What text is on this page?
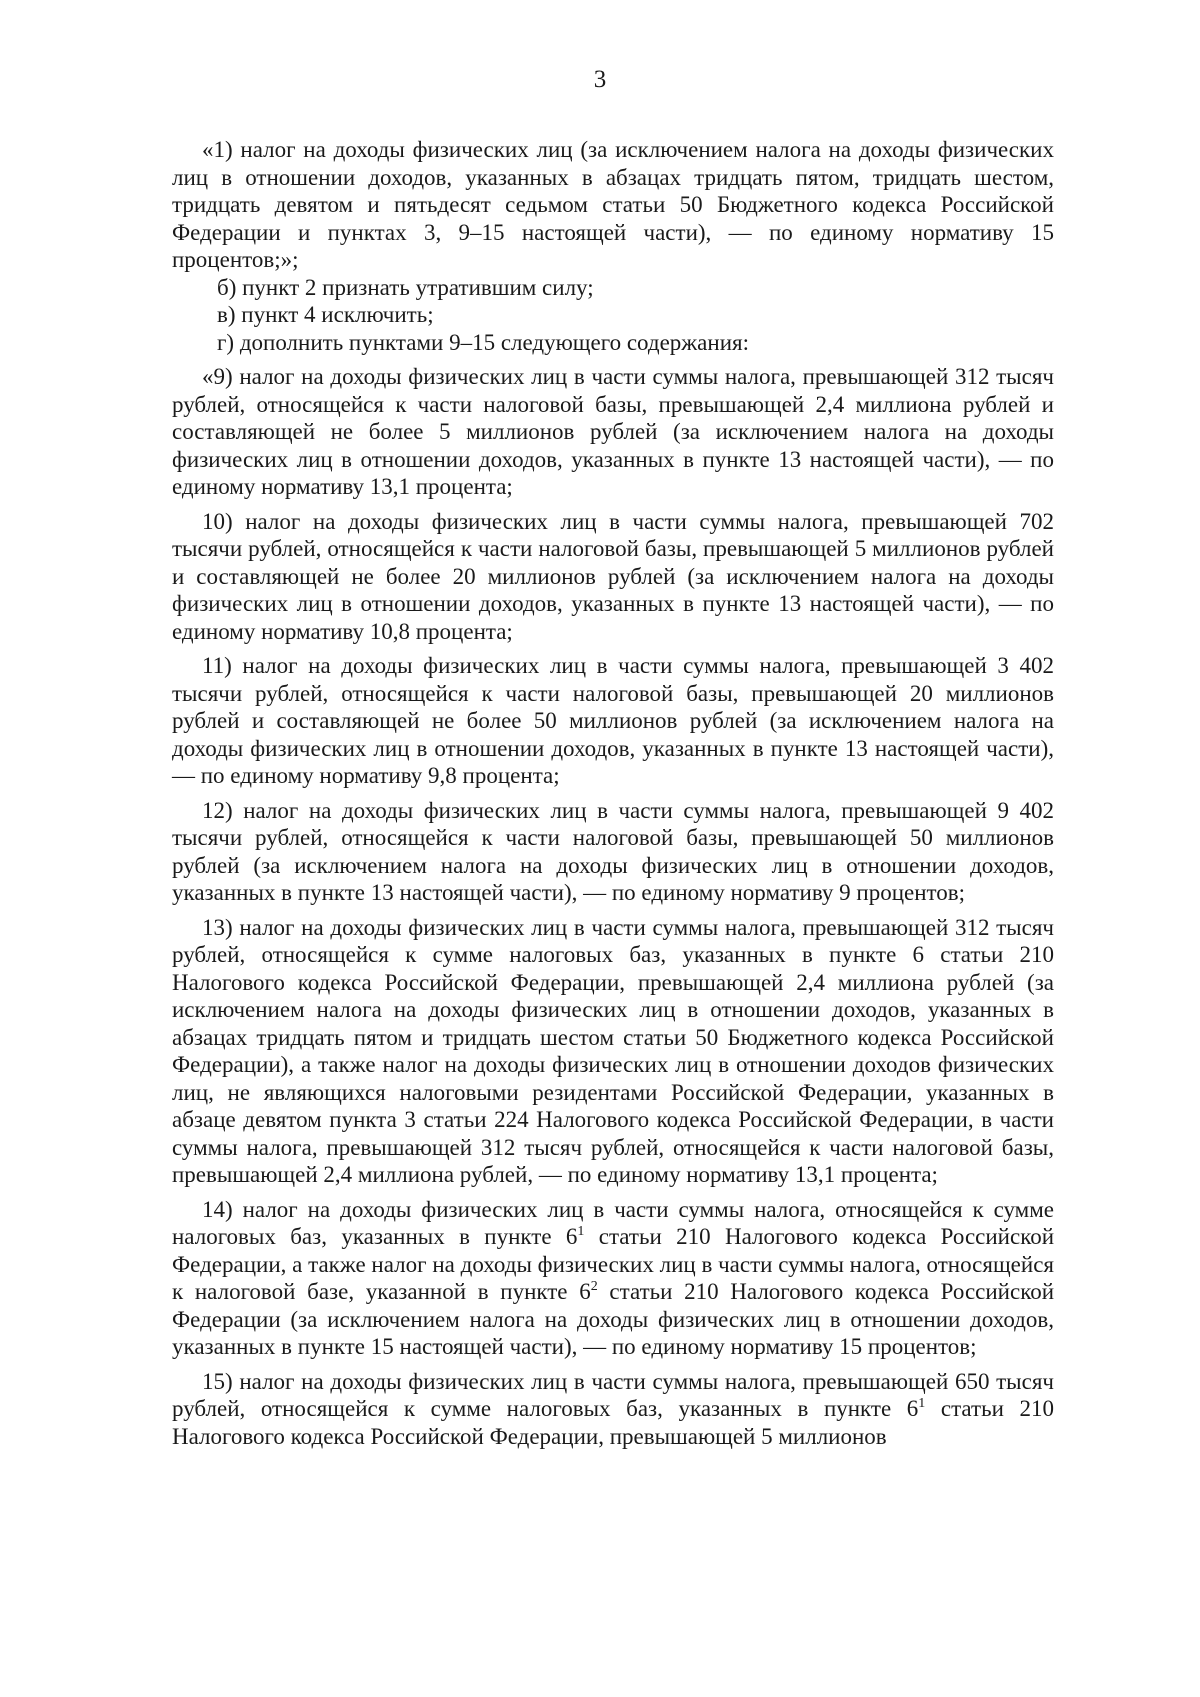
3

«1) налог на доходы физических лиц (за исключением налога на доходы физических лиц в отношении доходов, указанных в абзацах тридцать пятом, тридцать шестом, тридцать девятом и пятьдесят седьмом статьи 50 Бюджетного кодекса Российской Федерации и пунктах 3, 9–15 настоящей части), — по единому нормативу 15 процентов;»;

б) пункт 2 признать утратившим силу;

в) пункт 4 исключить;

г) дополнить пунктами 9–15 следующего содержания:

«9) налог на доходы физических лиц в части суммы налога, превышающей 312 тысяч рублей, относящейся к части налоговой базы, превышающей 2,4 миллиона рублей и составляющей не более 5 миллионов рублей (за исключением налога на доходы физических лиц в отношении доходов, указанных в пункте 13 настоящей части), — по единому нормативу 13,1 процента;

10) налог на доходы физических лиц в части суммы налога, превышающей 702 тысячи рублей, относящейся к части налоговой базы, превышающей 5 миллионов рублей и составляющей не более 20 миллионов рублей (за исключением налога на доходы физических лиц в отношении доходов, указанных в пункте 13 настоящей части), — по единому нормативу 10,8 процента;

11) налог на доходы физических лиц в части суммы налога, превышающей 3 402 тысячи рублей, относящейся к части налоговой базы, превышающей 20 миллионов рублей и составляющей не более 50 миллионов рублей (за исключением налога на доходы физических лиц в отношении доходов, указанных в пункте 13 настоящей части), — по единому нормативу 9,8 процента;

12) налог на доходы физических лиц в части суммы налога, превышающей 9 402 тысячи рублей, относящейся к части налоговой базы, превышающей 50 миллионов рублей (за исключением налога на доходы физических лиц в отношении доходов, указанных в пункте 13 настоящей части), — по единому нормативу 9 процентов;

13) налог на доходы физических лиц в части суммы налога, превышающей 312 тысяч рублей, относящейся к сумме налоговых баз, указанных в пункте 6 статьи 210 Налогового кодекса Российской Федерации, превышающей 2,4 миллиона рублей (за исключением налога на доходы физических лиц в отношении доходов, указанных в абзацах тридцать пятом и тридцать шестом статьи 50 Бюджетного кодекса Российской Федерации), а также налог на доходы физических лиц в отношении доходов физических лиц, не являющихся налоговыми резидентами Российской Федерации, указанных в абзаце девятом пункта 3 статьи 224 Налогового кодекса Российской Федерации, в части суммы налога, превышающей 312 тысяч рублей, относящейся к части налоговой базы, превышающей 2,4 миллиона рублей, — по единому нормативу 13,1 процента;

14) налог на доходы физических лиц в части суммы налога, относящейся к сумме налоговых баз, указанных в пункте $6^1$ статьи 210 Налогового кодекса Российской Федерации, а также налог на доходы физических лиц в части суммы налога, относящейся к налоговой базе, указанной в пункте $6^2$ статьи 210 Налогового кодекса Российской Федерации (за исключением налога на доходы физических лиц в отношении доходов, указанных в пункте 15 настоящей части), — по единому нормативу 15 процентов;

15) налог на доходы физических лиц в части суммы налога, превышающей 650 тысяч рублей, относящейся к сумме налоговых баз, указанных в пункте $6^1$ статьи 210 Налогового кодекса Российской Федерации, превышающей 5 миллионов
